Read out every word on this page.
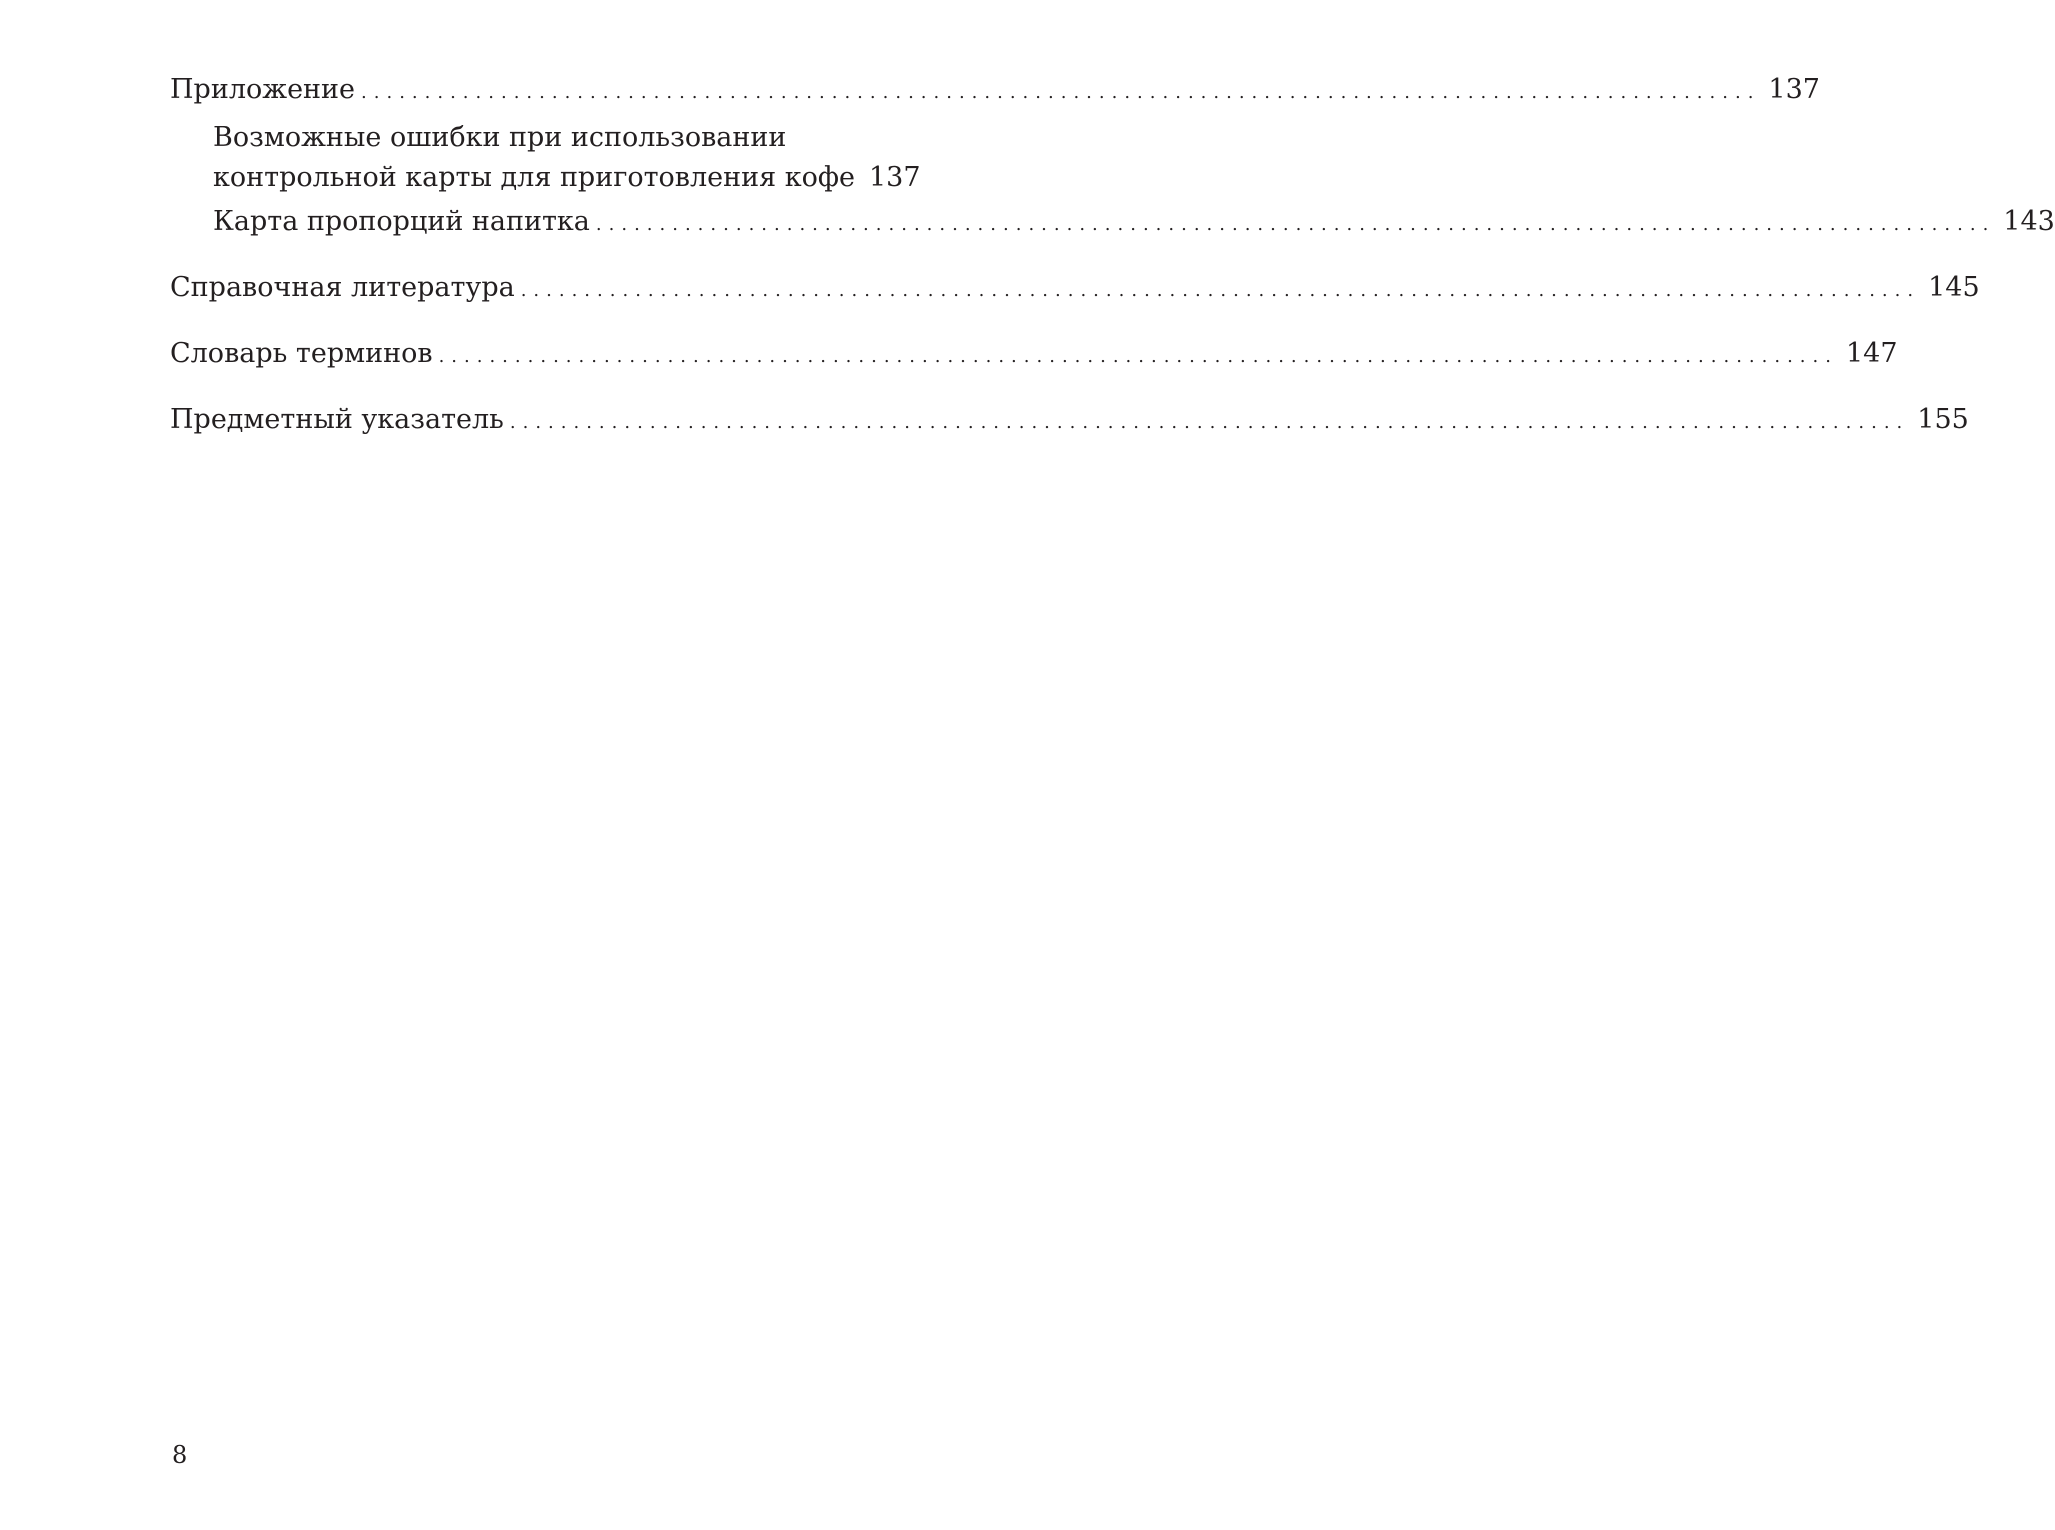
Приложение .............................................................................................................. 137
Возможные ошибки при использовании
контрольной карты для приготовления кофе 137
Карта пропорций напитка .............................................................................................................. 143
Справочная литература .............................................................................................................. 145
Словарь терминов .............................................................................................................. 147
Предметный указатель .............................................................................................................. 155
8
